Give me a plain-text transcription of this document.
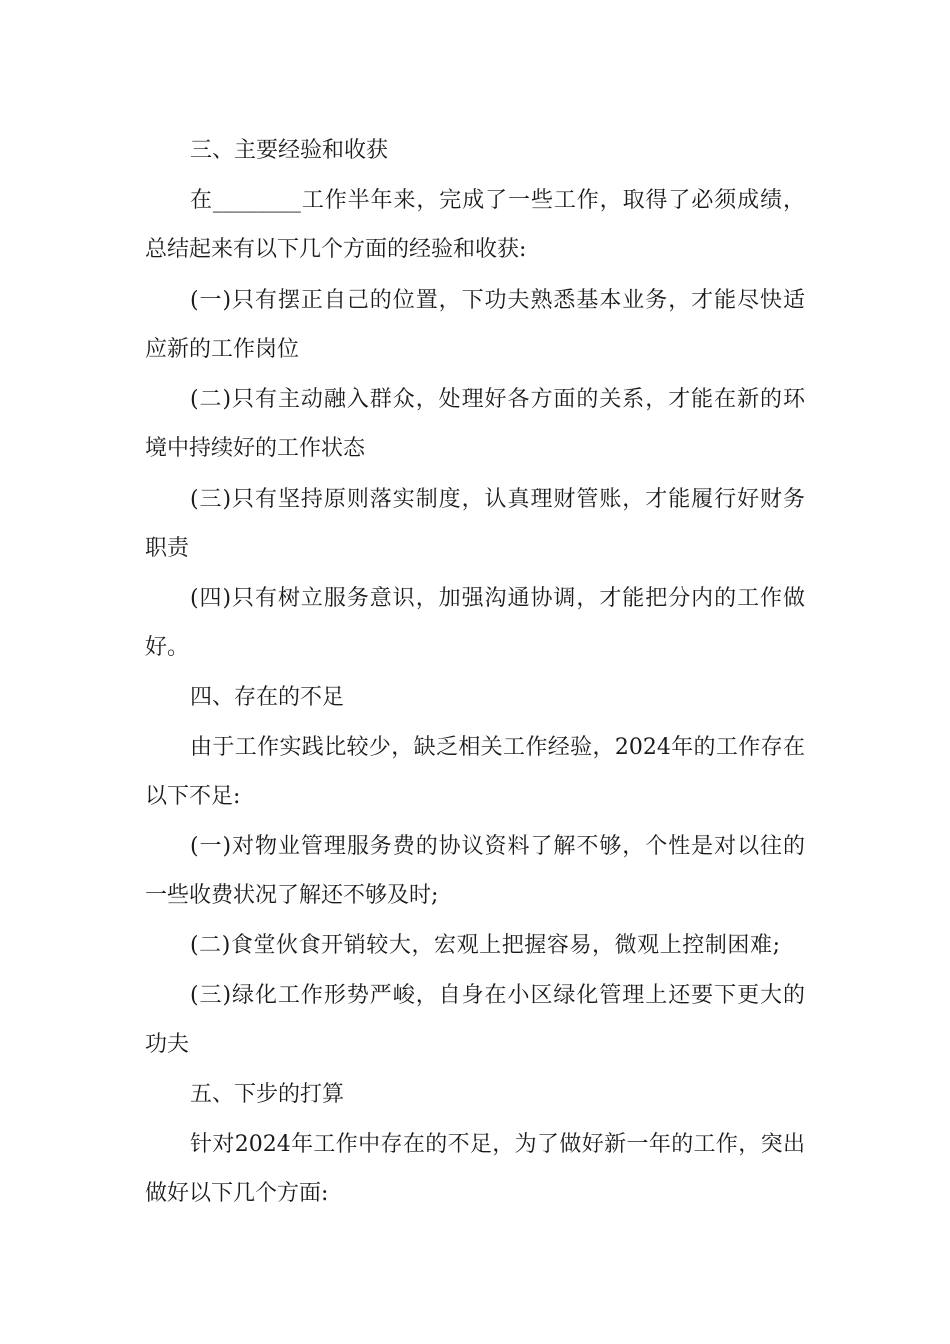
三、主要经验和收获
在________工作半年来，完成了一些工作，取得了必须成绩，
总结起来有以下几个方面的经验和收获:
(一)只有摆正自己的位置，下功夫熟悉基本业务，才能尽快适
应新的工作岗位
(二)只有主动融入群众，处理好各方面的关系，才能在新的环
境中持续好的工作状态
(三)只有坚持原则落实制度，认真理财管账，才能履行好财务
职责
(四)只有树立服务意识，加强沟通协调，才能把分内的工作做
好。
四、存在的不足
由于工作实践比较少，缺乏相关工作经验，2024年的工作存在
以下不足:
(一)对物业管理服务费的协议资料了解不够，个性是对以往的
一些收费状况了解还不够及时;
(二)食堂伙食开销较大，宏观上把握容易，微观上控制困难;
(三)绿化工作形势严峻，自身在小区绿化管理上还要下更大的
功夫
五、下步的打算
针对2024年工作中存在的不足，为了做好新一年的工作，突出
做好以下几个方面:
